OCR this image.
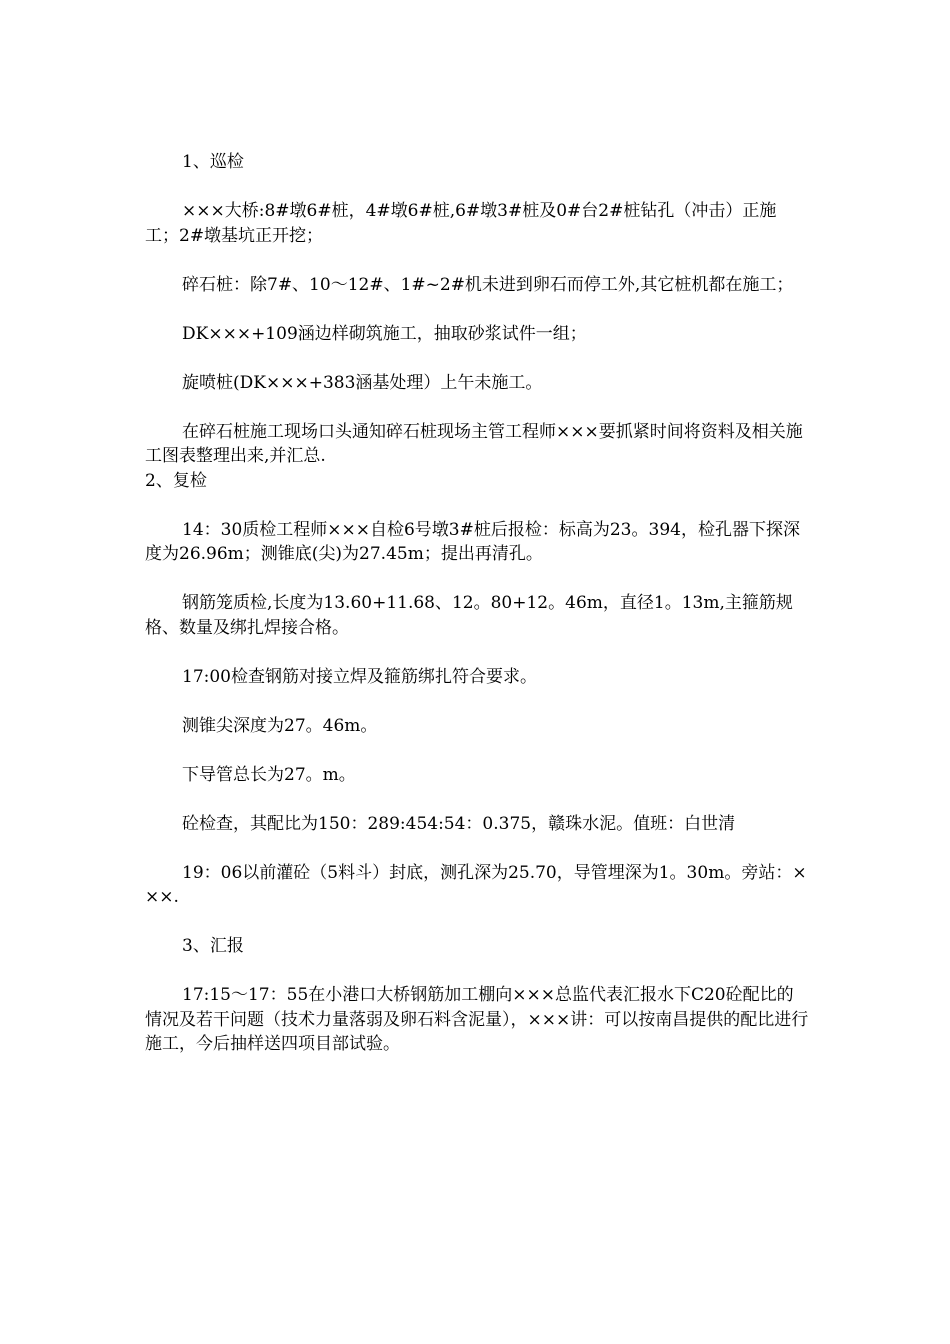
1、巡检

×××大桥:8#墩6#桩，4#墩6#桩,6#墩3#桩及0#台2#桩钻孔（冲击）正施工；2#墩基坑正开挖；

碎石桩：除7#、10～12#、1#~2#机未进到卵石而停工外,其它桩机都在施工；

DK×××+109涵边样砌筑施工，抽取砂浆试件一组；

旋喷桩(DK×××+383涵基处理）上午未施工。

在碎石桩施工现场口头通知碎石桩现场主管工程师×××要抓紧时间将资料及相关施工图表整理出来,并汇总.

2、复检

14：30质检工程师×××自检6号墩3#桩后报检：标高为23。394，检孔器下探深度为26.96m；测锥底(尖)为27.45m；提出再清孔。

钢筋笼质检,长度为13.60+11.68、12。80+12。46m，直径1。13m,主箍筋规格、数量及绑扎焊接合格。

17:00检查钢筋对接立焊及箍筋绑扎符合要求。

测锥尖深度为27。46m。

下导管总长为27。m。

砼检查，其配比为150：289:454:54：0.375，赣珠水泥。值班：白世清

19：06以前灌砼（5料斗）封底，测孔深为25.70，导管埋深为1。30m。旁站：×××.

3、汇报

17:15～17：55在小港口大桥钢筋加工棚向×××总监代表汇报水下C20砼配比的情况及若干问题（技术力量落弱及卵石料含泥量），×××讲：可以按南昌提供的配比进行施工，今后抽样送四项目部试验。
